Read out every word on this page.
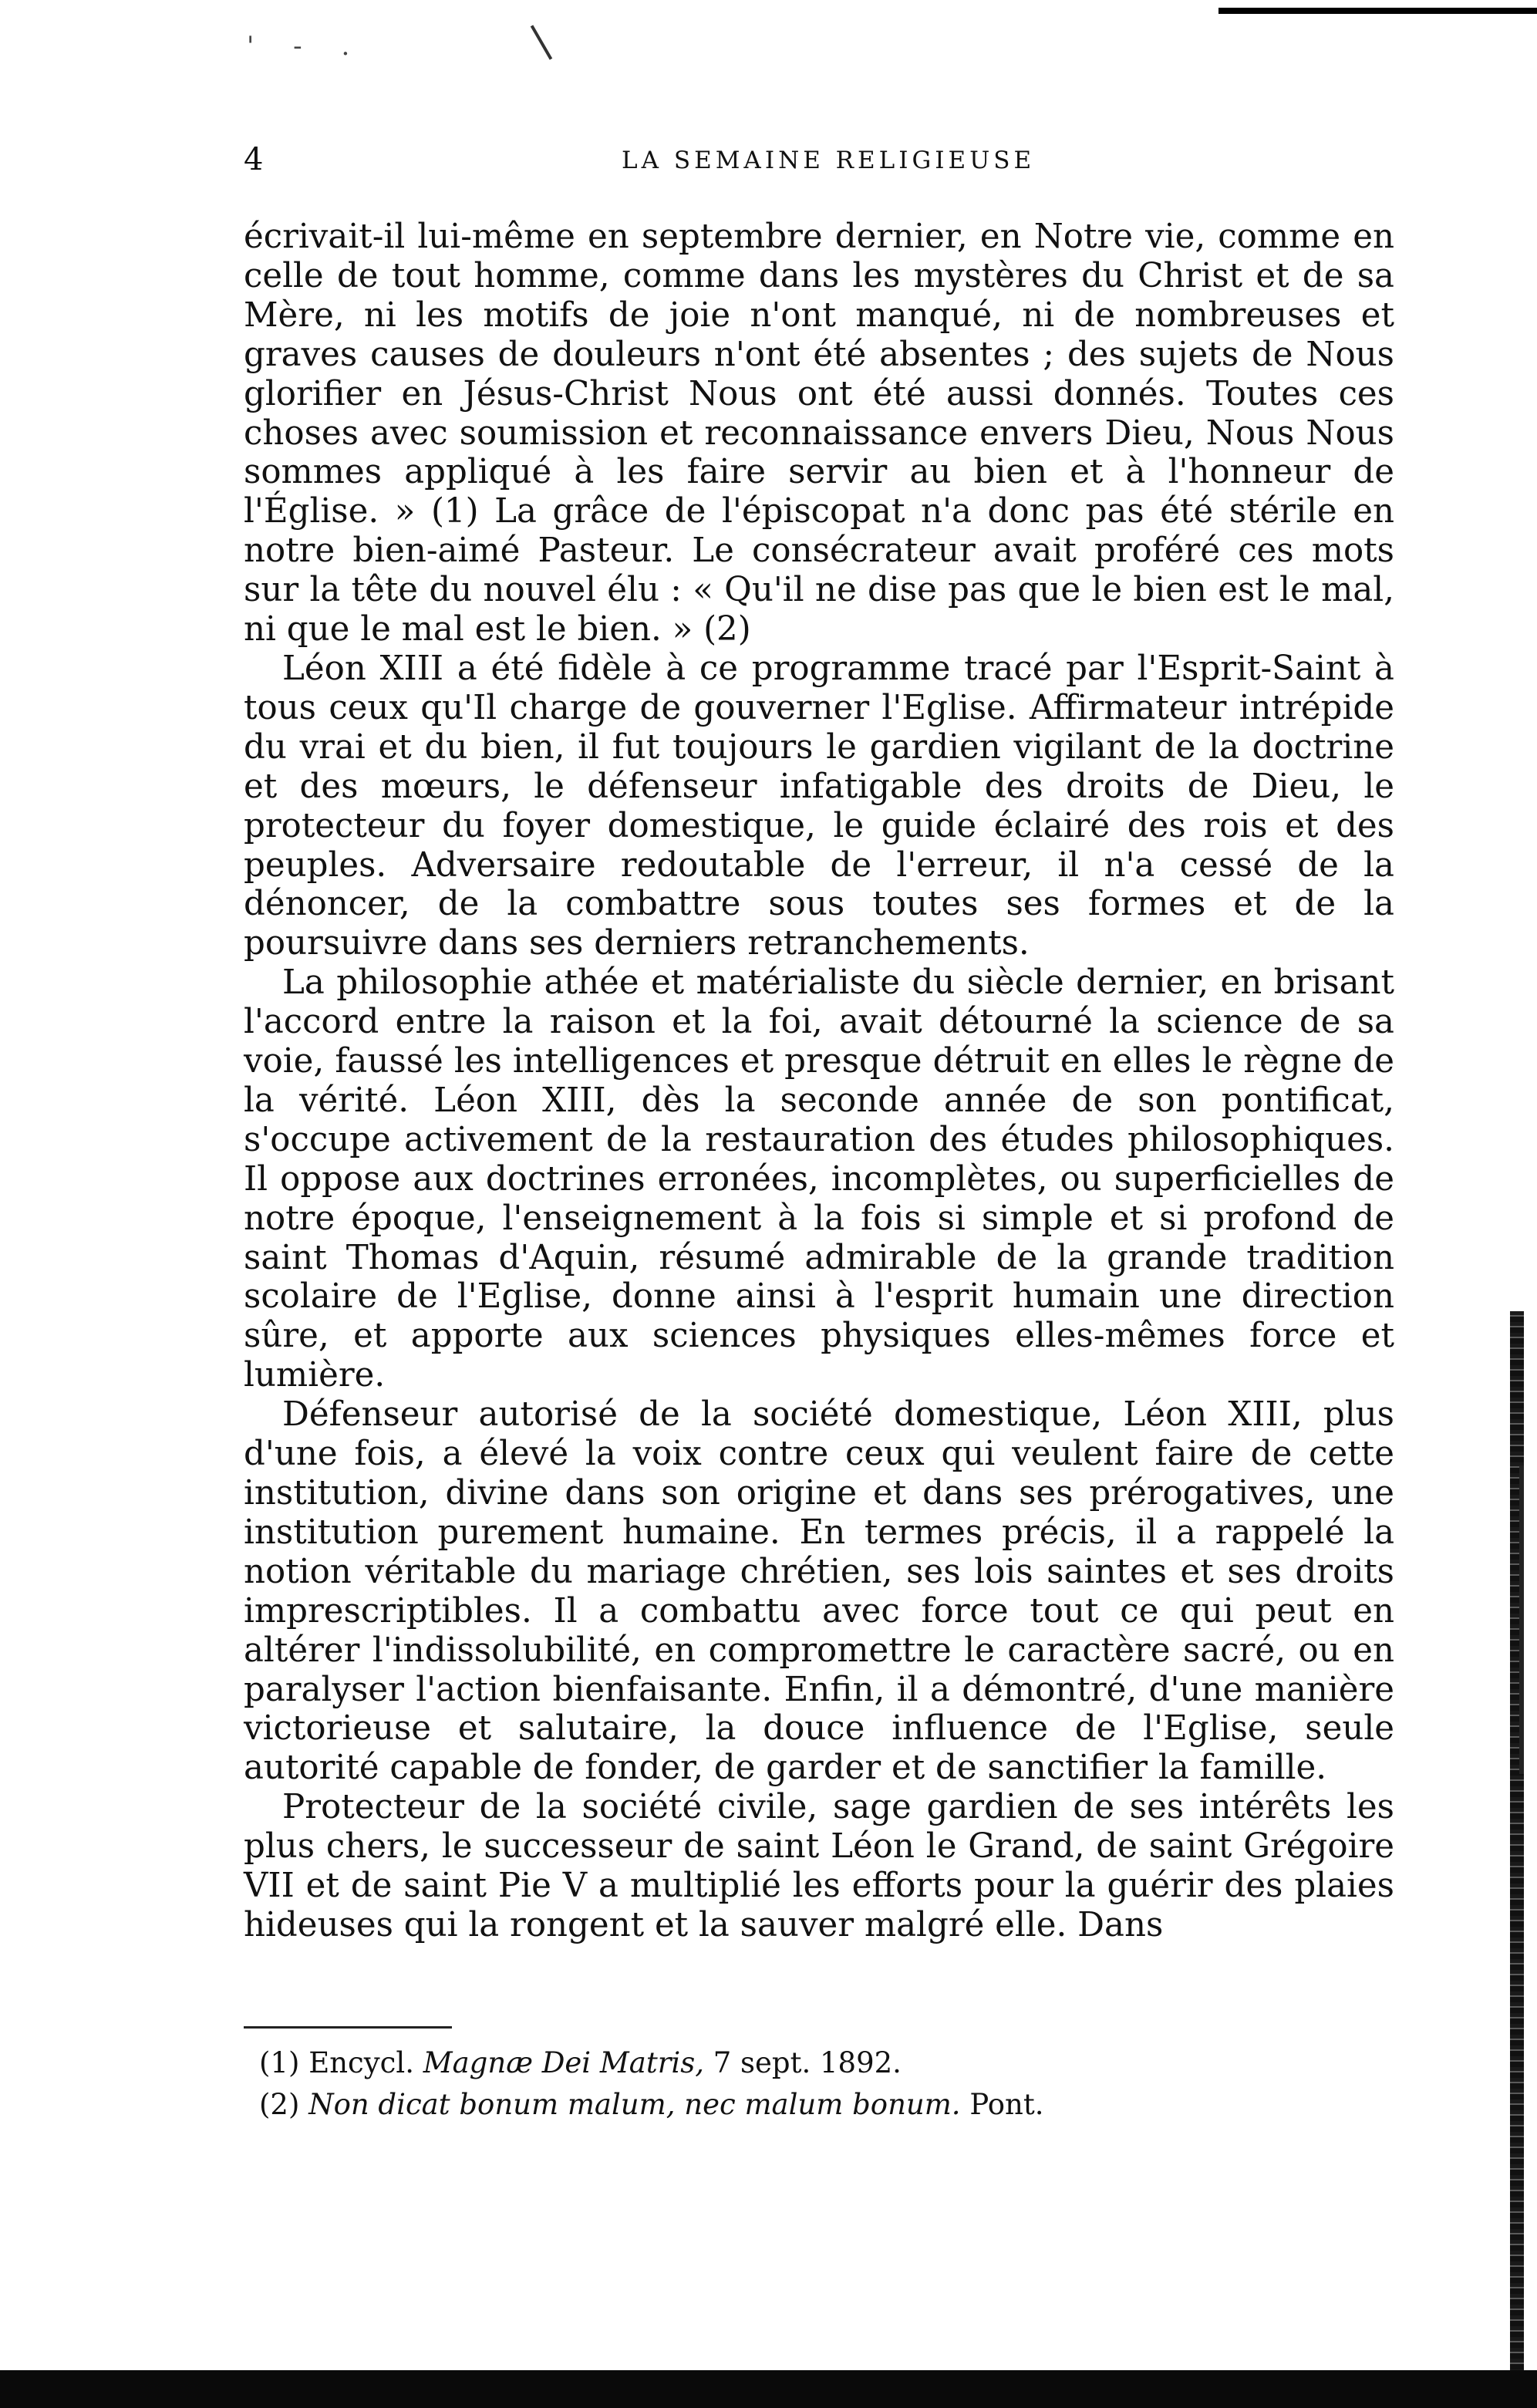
' - .
4	LA SEMAINE RELIGIEUSE

écrivait-il lui-même en septembre dernier, en Notre vie, comme en celle de tout homme, comme dans les mystères du Christ et de sa Mère, ni les motifs de joie n'ont manqué, ni de nombreuses et graves causes de douleurs n'ont été absentes ; des sujets de Nous glorifier en Jésus-Christ Nous ont été aussi donnés. Toutes ces choses avec soumission et reconnaissance envers Dieu, Nous Nous sommes appliqué à les faire servir au bien et à l'honneur de l'Église. » (1) La grâce de l'épiscopat n'a donc pas été stérile en notre bien-aimé Pasteur. Le consécrateur avait proféré ces mots sur la tête du nouvel élu : « Qu'il ne dise pas que le bien est le mal, ni que le mal est le bien. » (2)

Léon XIII a été fidèle à ce programme tracé par l'Esprit-Saint à tous ceux qu'Il charge de gouverner l'Eglise. Affirmateur intrépide du vrai et du bien, il fut toujours le gardien vigilant de la doctrine et des mœurs, le défenseur infatigable des droits de Dieu, le protecteur du foyer domestique, le guide éclairé des rois et des peuples. Adversaire redoutable de l'erreur, il n'a cessé de la dénoncer, de la combattre sous toutes ses formes et de la poursuivre dans ses derniers retranchements.

La philosophie athée et matérialiste du siècle dernier, en brisant l'accord entre la raison et la foi, avait détourné la science de sa voie, faussé les intelligences et presque détruit en elles le règne de la vérité. Léon XIII, dès la seconde année de son pontificat, s'occupe activement de la restauration des études philosophiques. Il oppose aux doctrines erronées, incomplètes, ou superficielles de notre époque, l'enseignement à la fois si simple et si profond de saint Thomas d'Aquin, résumé admirable de la grande tradition scolaire de l'Eglise, donne ainsi à l'esprit humain une direction sûre, et apporte aux sciences physiques elles-mêmes force et lumière.

Défenseur autorisé de la société domestique, Léon XIII, plus d'une fois, a élevé la voix contre ceux qui veulent faire de cette institution, divine dans son origine et dans ses prérogatives, une institution purement humaine. En termes précis, il a rappelé la notion véritable du mariage chrétien, ses lois saintes et ses droits imprescriptibles. Il a combattu avec force tout ce qui peut en altérer l'indissolubilité, en compromettre le caractère sacré, ou en paralyser l'action bienfaisante. Enfin, il a démontré, d'une manière victorieuse et salutaire, la douce influence de l'Eglise, seule autorité capable de fonder, de garder et de sanctifier la famille.

Protecteur de la société civile, sage gardien de ses intérêts les plus chers, le successeur de saint Léon le Grand, de saint Grégoire VII et de saint Pie V a multiplié les efforts pour la guérir des plaies hideuses qui la rongent et la sauver malgré elle. Dans

(1) Encycl. Magnæ Dei Matris, 7 sept. 1892.

(2) Non dicat bonum malum, nec malum bonum. Pont.
